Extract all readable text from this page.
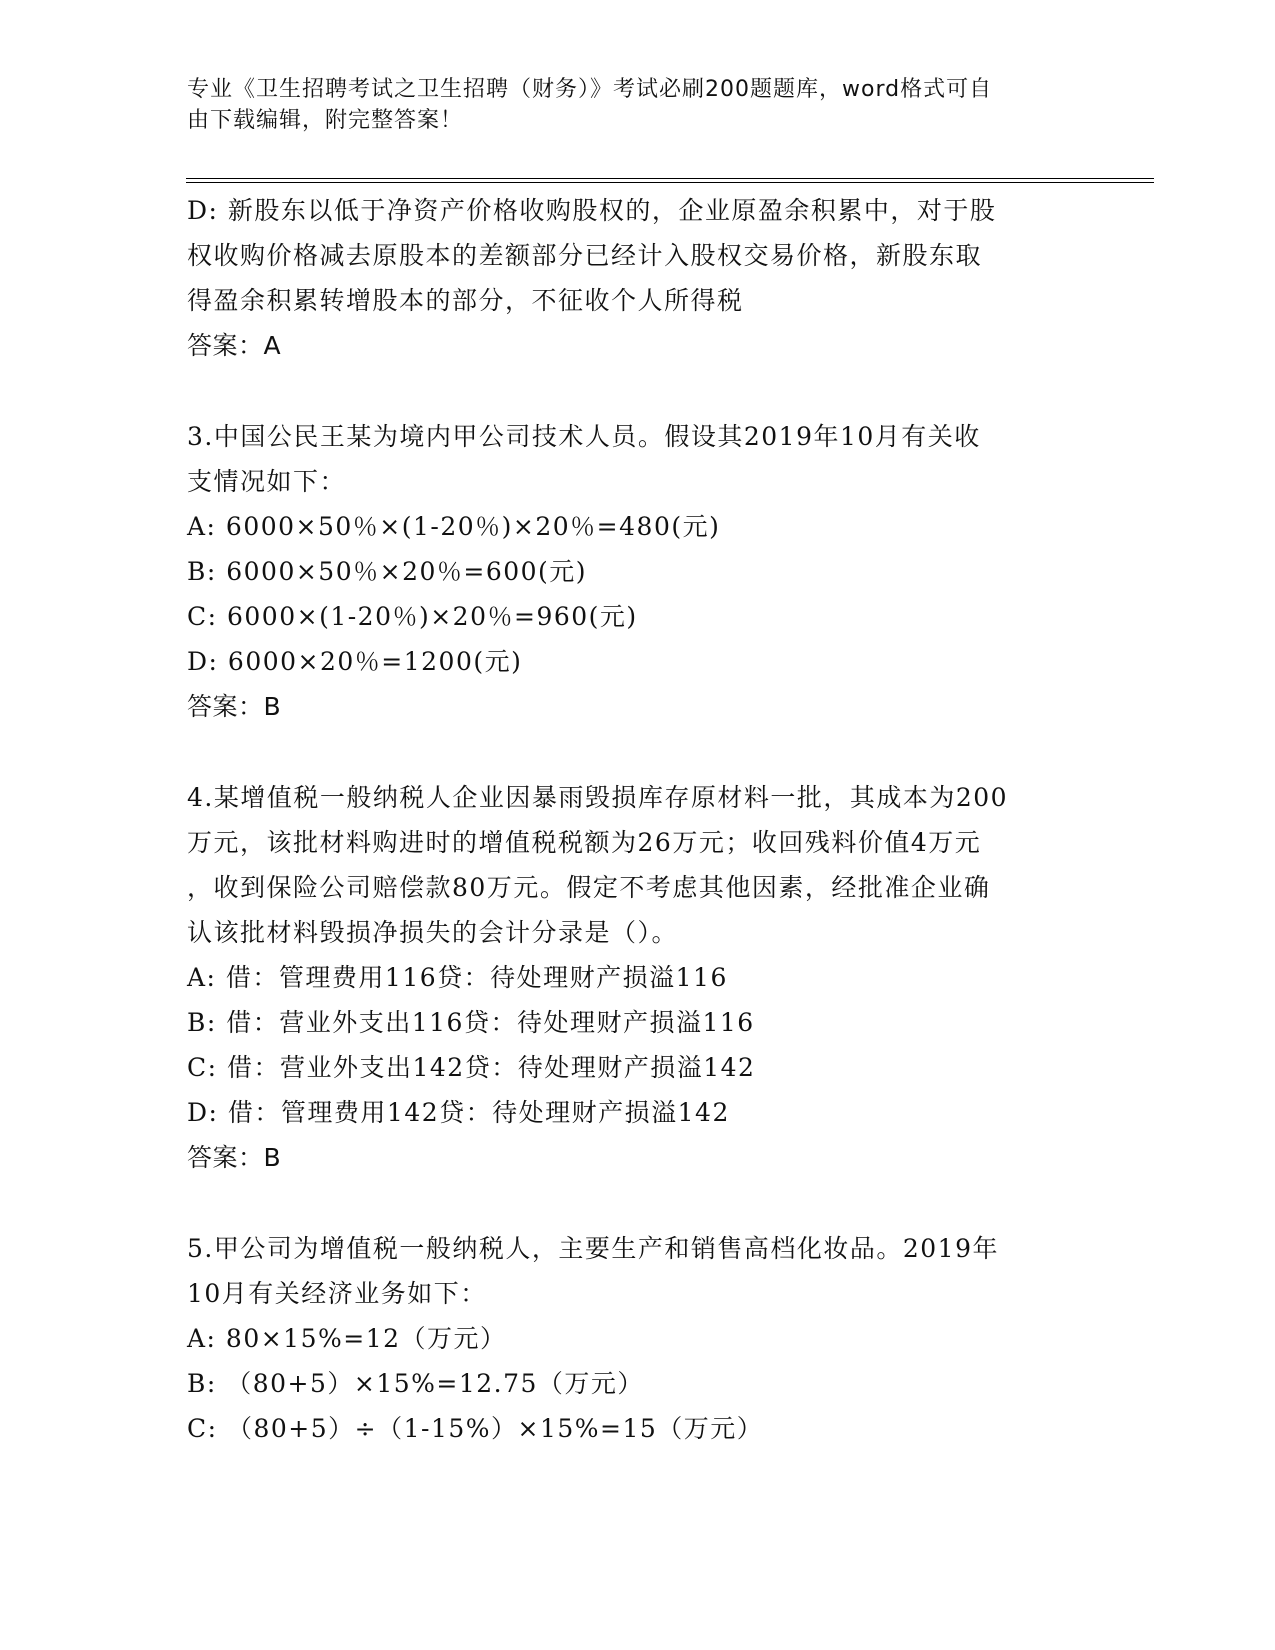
专业《卫生招聘考试之卫生招聘（财务）》考试必刷200题题库，word格式可自
由下载编辑，附完整答案！
D: 新股东以低于净资产价格收购股权的，企业原盈余积累中，对于股
权收购价格减去原股本的差额部分已经计入股权交易价格，新股东取
得盈余积累转增股本的部分，不征收个人所得税
答案：A
3.中国公民王某为境内甲公司技术人员。假设其2019年10月有关收
支情况如下：
A: 6000×50％×(1-20％)×20％=480(元)
B: 6000×50％×20％=600(元)
C: 6000×(1-20％)×20％=960(元)
D: 6000×20％=1200(元)
答案：B
4.某增值税一般纳税人企业因暴雨毁损库存原材料一批，其成本为200
万元，该批材料购进时的增值税税额为26万元；收回残料价值4万元
，收到保险公司赔偿款80万元。假定不考虑其他因素，经批准企业确
认该批材料毁损净损失的会计分录是（）。
A: 借：管理费用116贷：待处理财产损溢116
B: 借：营业外支出116贷：待处理财产损溢116
C: 借：营业外支出142贷：待处理财产损溢142
D: 借：管理费用142贷：待处理财产损溢142
答案：B
5.甲公司为增值税一般纳税人，主要生产和销售高档化妆品。2019年
10月有关经济业务如下：
A: 80×15%=12（万元）
B: （80+5）×15%=12.75（万元）
C: （80+5）÷（1-15%）×15%=15（万元）
